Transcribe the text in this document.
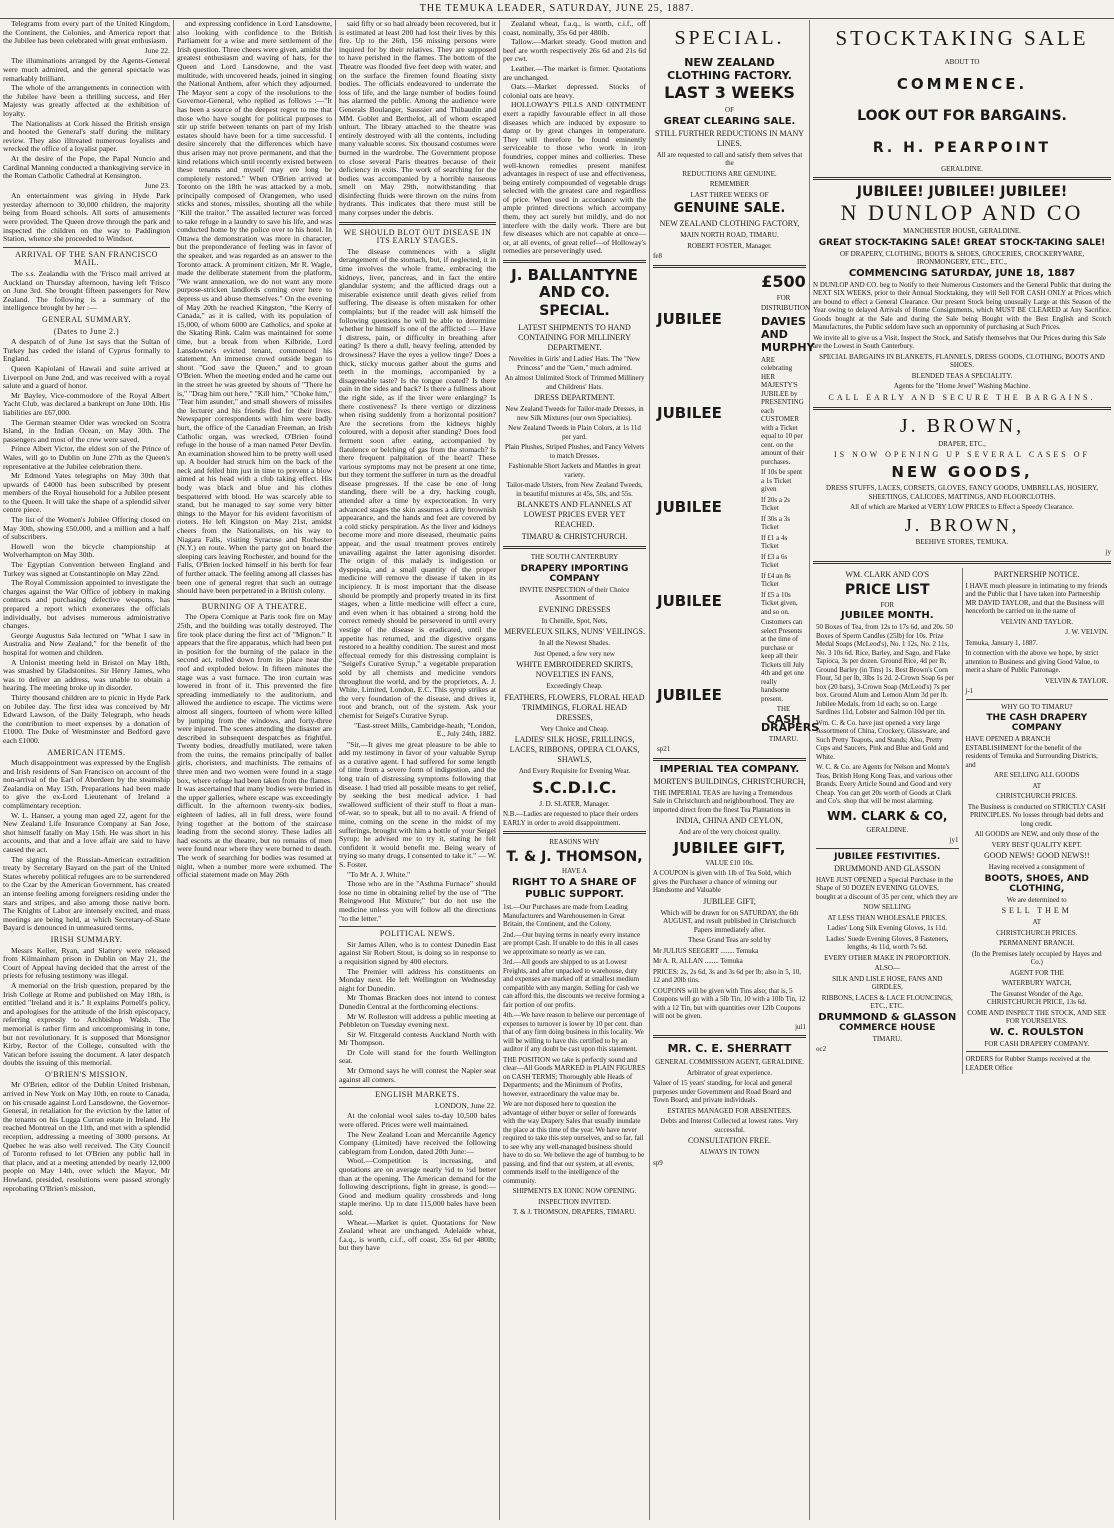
THE TEMUKA LEADER, SATURDAY, JUNE 25, 1887.

Telegrams from every part of the United Kingdom, the Continent, the Colonies, and America report that the Jubilee has been celebrated with great enthusiasm.

June 22.

The illuminations arranged by the Agents-General were much admired, and the general spectacle was remarkably brilliant.

The whole of the arrangements in connection with the Jubilee have been a thrilling success, and Her Majesty was greatly affected at the exhibition of loyalty.

The Nationalists at Cork hissed the British ensign and hooted the General's staff during the military review. They also illtreated numerous loyalists and wrecked the office of a loyalist paper.

At the desire of the Pope, the Papal Nuncio and Cardinal Manning conducted a thanksgiving service in the Roman Catholic Cathedral at Kensington.

June 23.

An entertainment was giving in Hyde Park yesterday afternoon to 30,000 children, the majority being from Board schools. All sorts of amusements were provided. The Queen drove through the park and inspected the children on the way to Paddington Station, whence she proceeded to Windsor.

ARRIVAL OF THE SAN FRANCISCO MAIL.

The s.s. Zealandia with the 'Frisco mail arrived at Auckland on Thursday afternoon, having left 'Frisco on June 3rd. She brought fifteen passengers for New Zealand. The following is a summary of the intelligence brought by her :—

GENERAL SUMMARY.
(Dates to June 2.)

A despatch of of June 1st says that the Sultan of Turkey has ceded the island of Cyprus formally to England.

Queen Kapiolani of Hawaii and suite arrived at Liverpool on June 2nd, and was received with a royal salute and a guard of honor.

Mr Bayley, Vice-commodore of the Royal Albert Yacht Club, was declared a bankrupt on June 10th. His liabilities are £67,000.

The German steamer Oder was wrecked on Scotra Island, in the Indian Ocean, on May 30th. The passengers and most of the crew were saved.

Prince Albert Victor, the eldest son of the Prince of Wales, will go to Dublin on June 27th as the Queen's representative at the Jubilee celebration there.

Mr Edmond Yates telegraphs on May 30th that upwards of £4000 has been subscribed by present members of the Royal household for a Jubilee present to the Queen. It will take the shape of a splendid silver centre piece.

The list of the Women's Jubilee Offering closed on May 30th, showing £50,000, and a million and a half of subscribers.

Howell won the bicycle championship at Wolverhampton on May 30th.

The Egyptian Convention between England and Turkey was signed at Constantinople on May 22nd.

The Royal Commission appointed to investigate the charges against the War Office of jobbery in making contracts and purchasing defective weapons, has prepared a report which exonerates the officials individually, but advises numerous administrative changes.

George Augustus Sala lectured on "What I saw in Australia and New Zealand," for the benefit of the hospital for women and children.

A Unionist meeting held in Bristol on May 18th, was smashed by Gladstonites. Sir Henry James, who was to deliver an address, was unable to obtain a hearing. The meeting broke up in disorder.

Thirty thousand children are to picnic in Hyde Park on Jubilee day. The first idea was conceived by Mr Edward Lawson, of the Daily Telegraph, who heads the contribution to meet expenses by a donation of £1000. The Duke of Westminster and Bedford gave each £1000.

AMERICAN ITEMS.

Much disappointment was expressed by the English and Irish residents of San Francisco on account of the non-arrival of the Earl of Aberdeen by the steamship Zealandia on May 15th. Preparations had been made to give the ex-Lord Lieutenant of Ireland a complimentary reception.

W. L. Hanser, a young man aged 22, agent for the New Zealand Life Insurance Company at San Jose, shot himself fatally on May 15th. He was short in his accounts, and that and a love affair are said to have caused the act.

The signing of the Russian-American extradition treaty by Secretary Bayard on the part of the United States whereby political refugees are to be surrendered to the Czar by the American Government, has created an intense feeling among foreigners residing under the stars and stripes, and also among those native born. The Knights of Labor are intensely excited, and mass meetings are being held, at which Secretary-of-State Bayard is denounced in unmeasured terms.

IRISH SUMMARY.

Messrs Keller, Ryan, and Slattery were released from Kilmainham prison in Dublin on May 21, the Court of Appeal having decided that the arrest of the priests for refusing testimony was illegal.

A memorial on the Irish question, prepared by the Irish College at Rome and published on May 18th, is entitled "Ireland and it is." It explains Pornell's policy, and apologises for the attitude of the Irish episcopacy, referring expressly to Archbishop Walsh. The memorial is rather firm and uncompromising in tone, but not revolutionary. It is supposed that Monsignor Kirby, Rector of the College, consulted with the Vatican before issuing the document. A later despatch doubts the issuing of this memorial.

O'BRIEN'S MISSION.

Mr O'Brien, editor of the Dublin United Irishman, arrived in New York on May 10th, en route to Canada, on his crusade against Lord Lansdowne, the Governor-General, in retaliation for the eviction by the latter of the tenants on his Lugga Curran estate in Ireland. He reached Montreal on the 11th, and met with a splendid reception, addressing a meeting of 3000 persons. At Quebec he was also well received. The City Council of Toronto refused to let O'Brien any public hall in that place, and at a meeting attended by nearly 12,000 people on May 14th, over which the Mayor, Mr Howland, presided, resolutions were passed strongly reprobating O'Brien's mission,

and expressing confidence in Lord Lansdowne, also looking with confidence to the British Parliament for a wise and mere settlement of the Irish question. Three cheers were given, amidst the greatest enthusiasm and waving of hats, for the Queen and Lord Lansdowne, and the vast multitude, with uncovered heads, joined in singing the National Anthem, after which they adjourned. The Mayor sent a copy of the resolutions to the Governor-General, who replied as follows :—"It has been a source of the deepest regret to me that those who have sought for political purposes to stir up strife between tenants on part of my Irish estates should have been for a time successful. I desire sincerely that the differences which have thus arisen may not prove permanent, and that the kind relations which until recently existed between these tenants and myself may ere long be completely restored." When O'Brien arrived at Toronto on the 18th he was attacked by a mob, principally composed of Orangemen, who used sticks and stones, missiles, shouting all the while "Kill the traitor." The assailed lecturer was forced to take refuge in a laundry to save his life, and was conducted home by the police over to his hotel. In Ottawa the demonstration was more in character, but the preponderance of feeling was in favor of the speaker, and was regarded as an answer to the Toronto attack. A prominent citizen, Mr R. Wagle, made the deliberate statement from the platform, "We want annexation, we do not want any more purpose-stricken landlords coming over here to depress us and abuse themselves." On the evening of May 20th he reached Kingston, "the Kerry of Canada," as it is called, with its population of 15,000, of whom 6000 are Catholics, and spoke at the Skating Rink. Calm was maintained for some time, but a break from when Kilbride, Lord Lansdowne's evicted tenant, commenced his statement. An immense crowd outside began to shout "God save the Queen," and to groan O'Brien. When the meeting ended and he came out in the street he was greeted by shouts of "There he is," "Drag him out here," "Kill him," "Choke him," "Tear him asunder," and small showers of missiles the lecturer and his friends fled for their lives. Newspaper correspondents with him were badly hurt, the office of the Canadian Freeman, an Irish Catholic organ, was wrecked, O'Brien found refuge in the house of a man named Peter Devlin. An examination showed him to be pretty well used up. A boulder had struck him on the back of the neck and felled him just in time to prevent a blow aimed at his head with a club taking effect. His body was black and blue and his clothes bespattered with blood. He was scarcely able to stand, but he managed to say some very bitter things to the Mayor for his evident favoritism of rioters. He left Kingston on May 21st, amidst cheers from the Nationalists, on his way to Niagara Falls, visiting Syracuse and Rochester (N.Y.) en route. When the party got on board the sleeping cars leaving Rochester, and bound for the Falls, O'Brien locked himself in his berth for fear of further attack. The feeling among all classes has been one of general regret that such an outrage should have been perpetrated in a British colony.

BURNING OF A THEATRE.

The Opera Comique at Paris took fire on May 25th, and the building was totally destroyed. The fire took place during the first act of "Mignon." It appears that the fire apparatus, which had been put in position for the burning of the palace in the second act, rolled down from its place near the roof and exploded below. In fifteen minutes the stage was a vast furnace. The iron curtain was lowered in front of it. This prevented the fire spreading immediately to the auditorium, and allowed the audience to escape. The victims were almost all singers, fourteen of whom were killed by jumping from the windows, and forty-three were injured. The scenes attending the disaster are described in subsequent despatches as frightful. Twenty bodies, dreadfully mutilated, were taken from the ruins, the remains principally of ballet girls, choristers, and machinists. The remains of three men and two women were found in a stage box, where refuge had been taken from the flames. It was ascertained that many bodies were buried in the upper galleries, where escape was exceedingly difficult. In the afternoon twenty-six bodies, eighteen of ladies, all in full dress, were found lying together at the bottom of the staircase leading from the second storey. These ladies all had escorts at the theatre, but no remains of men were found near where they were burned to death. The work of searching for bodies was resumed at night, when a number more were exhumed. The official statement made on May 26th

said fifty or so had already been recovered, but it is estimated at least 200 had lost their lives by this fire. Up to the 26th, 156 missing persons were inquired for by their relatives. They are supposed to have perished in the flames. The bottom of the Theatre was flooded five feet deep with water, and on the surface the firemen found floating sixty bodies. The officials endeavored to underrate the loss of life, and the large number of bodies found has alarmed the public. Among the audience were Generals Boulanger, Saussier and Thibaudin and MM. Goblet and Berthelot, all of whom escaped unhurt. The library attached to the theatre was entirely destroyed with all the contents, including many valuable scores. Six thousand costumes were burned in the wardrobe. The Government propose to close several Paris theatres because of their deficiency in exits. The work of searching for the bodies was accompanied by a horrible nauseous smell on May 29th, notwithstanding that disinfecting fluids were thrown on the ruins from hydrants. This indicates that there must still be many corpses under the debris.

WE SHOULD BLOT OUT DISEASE IN ITS EARLY STAGES.

The disease commences with a slight derangement of the stomach, but, if neglected, it in time involves the whole frame, embracing the kidneys, liver, pancreas, and in fact the entire glandular system; and the afflicted drags out a miserable existence until death gives relief from suffering. The disease is often mistaken for other complaints; but if the reader will ask himself the following questions he will be able to determine whether he himself is one of the afflicted :— Have I distress, pain, or difficulty in breathing after eating? Is there a dull, heavy feeling, attended by drowsiness? Have the eyes a yellow tinge? Does a thick, sticky mucous gather about the gums and teeth in the mornings, accompanied by a disagreeable taste? Is the tongue coated? Is there pain in the sides and back? Is there a fullness about the right side, as if the liver were enlarging? Is there costiveness? Is there vertigo or dizziness when rising suddenly from a horizontal position? Are the secretions from the kidneys highly coloured, with a deposit after standing? Does food ferment soon after eating, accompanied by flatulence or belching of gas from the stomach? Is there frequent palpitation of the heart? These various symptoms may not be present at one time, but they torment the sufferer in turn as the dreadful disease progresses. If the case be one of long standing, there will be a dry, hacking cough, attended after a time by expectoration. In very advanced stages the skin assumes a dirty brownish appearance, and the hands and feet are covered by a cold sticky perspiration. As the liver and kidneys become more and more diseased, rheumatic pains appear, and the usual treatment proves entirely unavailing against the latter agonising disorder. The origin of this malady is indigestion or dyspepsia, and a small quantity of the proper medicine will remove the disease if taken in its incipiency. It is most important that the disease should be promptly and properly treated in its first stages, when a little medicine will effect a cure, and even when it has obtained a strong hold the correct remedy should be persevered in until every vestige of the disease is eradicated, until the appetite has returned, and the digestive organs restored to a healthy condition. The surest and most effectual remedy for this distressing complaint is "Seigel's Curative Syrup," a vegetable preparation sold by all chemists and medicine vendors throughout the world, and by the proprietors, A. J. White, Limited, London, E.C. This syrup strikes at the very foundation of the disease, and drives it, root and branch, out of the system. Ask your chemist for Seigel's Curative Syrup.

"East-street Mills, Cambridge-heath, "London, E., July 24th, 1882.

"Sir,—It gives me great pleasure to be able to add my testimony in favor of your valuable Syrup as a curative agent. I had suffered for some length of time from a severe form of indigestion, and the long train of distressing symptoms following that disease. I had tried all possible means to get relief, by seeking the best medical advice. I had swallowed sufficient of their stuff to float a man-of-war, so to speak, but all to no avail. A friend of mine, coming on the scene in the midst of my sufferings, brought with him a bottle of your Seigel Syrup; he advised me to try it, stating he felt confident it would benefit me. Being weary of trying so many drugs, I consented to take it." — W. S. Foster.

"To Mr A. J. White."

Those who are in the "Asthma Furnace" should lose no time in obtaining relief by the use of "The Reingwood Hut Mixture;" but do not use the medicine unless you will follow all the directions "to the letter."

POLITICAL NEWS.

Sir James Allen, who is to contest Dunedin East against Sir Robert Stout, is doing so in response to a requisition signed by 400 electors.

The Premier will address his constituents on Monday next. He left Wellington on Wednesday night for Dunedin.

Mr Thomas Bracken does not intend to contest Dunedin Central at the forthcoming elections.

Mr W. Rolleston will address a public meeting at Pebbleton on Tuesday evening next.

Sir W. Fitzgerald contests Auckland North with Mr Thompson.

Dr Cole will stand for the fourth Wellington seat.

Mr Ormond says he will contest the Napier seat against all comers.

ENGLISH MARKETS.

LONDON, June 22.

At the colonial wool sales to-day 10,500 bales were offered. Prices were well maintained.

The New Zealand Loan and Mercantile Agency Company (Limited) have received the following cablegram from London, dated 20th June:—

Wool.—Competition is increasing, and quotations are on average nearly ¼d to ½d better than at the opening. The American demand for the following descriptions, fight in grease, is good:—Good and medium quality crossbreds and long staple merino. Up to date 115,000 bales have been sold.

Wheat.—Market is quiet. Quotations for New Zealand wheat are unchanged. Adelaide wheat, f.a.q., is worth, c.i.f., off coast, 35s 6d per 480lb; but they have

Zealand wheat, f.a.q., is worth, c.i.f., off coast, nominally, 35s 6d per 480lb.

Tallow.—Market steady. Good mutton and beef are worth respectively 26s 6d and 21s 6d per cwt.

Leather.—The market is firmer. Quotations are unchanged.

Oats.—Market depressed. Stocks of colonial oats are heavy.

HOLLOWAY'S PILLS AND OINTMENT exert a rapidly favourable effect in all those diseases which are induced by exposure to damp or by great changes in temperature. They will therefore be found eminently serviceable to those who work in iron foundries, copper mines and collieries. These well-known remedies present manifest advantages in respect of use and effectiveness, being entirely compounded of vegetable drugs selected with the greatest care and regardless of price. When used in accordance with the ample printed directions which accompany them, they act surely but mildly, and do not interfere with the daily work. There are but few diseases which are not capable at once—or, at all events, of great relief—of Holloway's remedies are perseveringly used.

J. BALLANTYNE
AND CO.
SPECIAL.

LATEST SHIPMENTS TO HAND CONTAINING FOR MILLINERY DEPARTMENT.

Novelties in Girls' and Ladies' Hats. The "New Princess" and the "Gem," much admired.

An almost Unlimited Stock of Trimmed Millinery and Childrens' Hats.

DRESS DEPARTMENT.

New Zealand Tweeds for Tailor-made Dresses, in new Silk Mixtures (our own Specialties).

New Zealand Tweeds in Plain Colors, at 1s 11d per yard.

Plain Plushes, Striped Plushes, and Fancy Velvets to match Dresses.

Fashionable Short Jackets and Mantles in great variety.

Tailor-made Ulsters, from New Zealand Tweeds, in beautiful mixtures at 45s, 50s, and 55s.

BLANKETS AND FLANNELS AT LOWEST PRICES EVER YET REACHED.

TIMARU & CHRISTCHURCH.

THE SOUTH CANTERBURY

DRAPERY IMPORTING COMPANY

INVITE INSPECTION of their Choice Assortment of

EVENING DRESSES

In Chenille, Spot, Nets,

MERVELEUX SILKS, NUNS' VEILINGS.

In all the Newest Shades.

Just Opened, a few very new

WHITE EMBROIDERED SKIRTS, NOVELTIES IN FANS,

Exceedingly Cheap.

FEATHERS, FLOWERS, FLORAL HEAD TRIMMINGS, FLORAL HEAD DRESSES,

Very Choice and Cheap.

LADIES' SILK HOSE, FRILLINGS, LACES, RIBBONS, OPERA CLOAKS, SHAWLS,

And Every Requisite for Evening Wear.

S.C.D.I.C.

J. D. SLATER, Manager.

N.B.—Ladies are requested to place their orders EARLY in order to avoid disappointment.

REASONS WHY

T. & J. THOMSON,

HAVE A

RIGHT TO A SHARE OF PUBLIC SUPPORT.

1st.—Our Purchases are made from Leading Manufacturers and Warehousemen in Great Britain, the Continent, and the Colony.

2nd.—Our buying terms in nearly every instance are prompt Cash. If unable to do this in all cases we approximate so nearly as we can.

3rd.—All goods are shipped to us at Lowest Freights, and after unpacked to warehouse, duty and expenses are marked off at smallest medium compatible with any margin. Selling for cash we can afford this, the discounts we receive forming a fair portion of our profits.

4th.—We have reason to believe our percentage of expenses to turnover is lower by 10 per cent. than that of any firm doing business in this locality. We will be willing to have this certified to by an auditor if any doubt be cast upon this statement.

THE POSITION we take is perfectly sound and clear—All Goods MARKED in PLAIN FIGURES on CASH TERMS; Thoroughly able Heads of Departments; and the Minimum of Profits, however, extraordinary the value may be.

We are not disposed here to question the advantage of either buyer or seller of forewards with the way Drapery Sales that usually inundate the place at this time of the year. We have never required to take this step ourselves, and so far, fail to see why any well-managed business should have to do so. We believe the age of humbug to be passing, and find that our system, at all events, commends itself to the intelligence of the community.

SHIPMENTS EX IONIC NOW OPENING.

INSPECTION INVITED.

T. & J. THOMSON, DRAPERS, TIMARU.

SPECIAL.
NEW ZEALAND CLOTHING FACTORY.
LAST 3 WEEKS

OF

GREAT CLEARING SALE.

STILL FURTHER REDUCTIONS IN MANY LINES.

All are requested to call and satisfy them selves that the

REDUCTIONS ARE GENUINE.

REMEMBER

LAST THREE WEEKS OF

GENUINE SALE.

NEW ZEALAND CLOTHING FACTORY,

MAIN NORTH ROAD, TIMARU.

ROBERT FOSTER, Manager.

fe8

JUBILEE
JUBILEE
JUBILEE
JUBILEE
JUBILEE
£500

FOR

DISTRIBUTION

DAVIES AND MURPHY

ARE celebrating HER MAJESTY'S JUBILEE by PRESENTING each CUSTOMER with a Ticket equal to 10 per cent. on the amount of their purchases.

If 10s be spent a 1s Ticket given

If 20s a 2s Ticket

If 30s a 3s Ticket

If £1 a 4s Ticket

If £3 a 6s Ticket

If £4 an 8s Ticket

If £5 a 10s Ticket given, and so on.

Customers can select Presents at the time of purchase or keep all their Tickets till July 4th and get one really handsome present.

THE

CASH DRAPERS

TIMARU.

sp21

IMPERIAL TEA COMPANY.

MORTEN'S BUILDINGS, CHRISTCHURCH,

THE IMPERIAL TEAS are having a Tremendous Sale in Christchurch and neighbourhood. They are imported direct from the finest Tea Plantations in

INDIA, CHINA AND CEYLON,

And are of the very choicest quality.

JUBILEE GIFT,

VALUE £10 10s.

A COUPON is given with 1lb of Tea Sold, which gives the Purchaser a chance of winning our Handsome and Valuable

JUBILEE GIFT,

Which will be drawn for on SATURDAY, the 6th AUGUST, and result published in Christchurch Papers immediately after.

These Grand Teas are sold by

Mr JULIUS SEEGERT ........ Temuka

Mr A. R. ALLAN ........ Temuka

PRICES: 2s, 2s 6d, 3s and 3s 6d per lb; also in 5, 10, 12 and 20lb tins.

COUPONS will be given with Tins also; that is, 5 Coupons will go with a 5lb Tin, 10 with a 10lb Tin, 12 with a 12 Tin, but with quantities over 12lb Coupons will not be given.

jul1

MR. C. E. SHERRATT

GENERAL COMMISSION AGENT, GERALDINE.

Arbitrator of great experience.

Valuer of 15 years' standing, for local and general purposes under Government and Road Board and Town Board, and private individuals.

ESTATES MANAGED FOR ABSENTEES.

Debts and Interest Collected at lowest rates. Very successful.

CONSULTATION FREE.

ALWAYS IN TOWN

sp9

STOCKTAKING SALE

ABOUT TO

COMMENCE.
LOOK OUT FOR BARGAINS.
R. H. PEARPOINT

GERALDINE.

JUBILEE! JUBILEE! JUBILEE!
N DUNLOP AND CO

MANCHESTER HOUSE, GERALDINE.

GREAT STOCK-TAKING SALE! GREAT STOCK-TAKING SALE!

OF DRAPERY, CLOTHING, BOOTS & SHOES, GROCERIES, CROCKERYWARE, IRONMONGERY, ETC., ETC.,

COMMENCING SATURDAY, JUNE 18, 1887

N DUNLOP AND CO. beg to Notify to their Numerous Customers and the General Public that during the NEXT SIX WEEKS, prior to their Annual Stocktaking, they will Sell FOR CASH ONLY at Prices which are bound to effect a General Clearance. Our present Stock being unusually Large at this Season of the Year owing to delayed Arrivals of Home Consignments, which MUST BE CLEARED at Any Sacrifice. Goods bought at the Sale and during the Sale being Bought with the Best English and Scotch Manufactures, the Public seldom have such an opportunity of purchasing at Such Prices.

We invite all to give us a Visit, Inspect the Stock, and Satisfy themselves that Our Prices during this Sale are the Lowest in South Canterbury.

SPECIAL BARGAINS IN BLANKETS, FLANNELS, DRESS GOODS, CLOTHING, BOOTS AND SHOES.

BLENDED TEAS A SPECIALITY.

Agents for the "Home Jewel" Washing Machine.

CALL EARLY AND SECURE THE BARGAINS.

J. BROWN,

DRAPER, ETC.,

IS NOW OPENING UP SEVERAL CASES OF

NEW GOODS,

DRESS STUFFS, LACES, CORSETS, GLOVES, FANCY GOODS, UMBRELLAS, HOSIERY, SHEETINGS, CALICOES, MATTINGS, AND FLOORCLOTHS.

All of which are Marked at VERY LOW PRICES to Effect a Speedy Clearance.

J. BROWN,

BEEHIVE STORES, TEMUKA.

jy

WM. CLARK AND CO'S

PRICE LIST

FOR

JUBILEE MONTH.

50 Boxes of Tea, from 12s to 17s 6d, and 20s. 50 Boxes of Sperm Candles (25lb) for 10s. Prize Medal Soaps (McLeod's), No. 1 12s, No. 2 11s, No. 3 10s 6d. Rice, Barley, and Sago, and Flake Tapioca, 3s per dozen. Ground Rice, 4d per lb, Ground Barley (in Tins) 1s. Best Brown's Corn Flour, 5d per lb, 3lbs 1s 2d. 2-Crown Soap 6s per box (20 bars), 3-Crown Soap (McLeod's) 7s per box. Ground Alum and Lemon Alum 3d per lb. Jubilee Medals, from 1d each; so on. Large Sardines 11d, Lobster and Salmon 10d per tin.

Wm. C. & Co. have just opened a very large Assortment of China, Crockery, Glassware, and Such Pretty Teapots, and Stands; Also, Pretty Cups and Saucers, Pink and Blue and Gold and White.

W. C. & Co. are Agents for Nelson and Monte's Teas, British Hong Kong Teas, and various other Brands. Every Article Sound and Good and very Cheap. You can get 20s worth of Goods at Clark and Co's. shop that will be most alarming.

WM. CLARK & CO,

GERALDINE.

jy1

JUBILEE FESTIVITIES.

DRUMMOND AND GLASSON

HAVE JUST OPENED a Special Purchase in the Shape of 50 DOZEN EVENING GLOVES, bought at a discount of 35 per cent, which they are

NOW SELLING

AT LESS THAN WHOLESALE PRICES.

Ladies' Long Silk Evening Gloves, 1s 11d.

Ladies' Suede Evening Gloves, 8 Fasteners, lengths, 4s 11d, worth 7s 6d.

EVERY OTHER MAKE IN PROPORTION.

ALSO—

SILK AND LISLE HOSE, FANS AND GIRDLES,

RIBBONS, LACES & LACE FLOUNCINGS, ETC., ETC.

DRUMMOND & GLASSON
COMMERCE HOUSE

TIMARU.

oc2

PARTNERSHIP NOTICE.

I HAVE much pleasure in intimating to my friends and the Public that I have taken into Partnership MR DAVID TAYLOR, and that the Business will henceforth be carried on in the name of

VELVIN AND TAYLOR.

J. W. VELVIN.

Temuka, January 1, 1887.

In connection with the above we hope, by strict attention to Business and giving Good Value, to merit a share of Public Patronage.

VELVIN & TAYLOR.

j-1

WHY GO TO TIMARU?

THE CASH DRAPERY COMPANY

HAVE OPENED A BRANCH ESTABLISHMENT for the benefit of the residents of Temuka and Surrounding Districts, and

ARE SELLING ALL GOODS

AT

CHRISTCHURCH PRICES.

The Business is conducted on STRICTLY CASH PRINCIPLES. No losses through bad debts and long credit.

All GOODS are NEW, and only those of the

VERY BEST QUALITY KEPT.

GOOD NEWS! GOOD NEWS!!

Having received a consignment of

BOOTS, SHOES, AND CLOTHING,

We are determined to

SELL THEM

AT

CHRISTCHURCH PRICES.

PERMANENT BRANCH.

(In the Premises lately occupied by Hayes and Co.)

AGENT FOR THE

WATERBURY WATCH,

The Greatest Wonder of the Age, CHRISTCHURCH PRICE, 13s 6d.

COME AND INSPECT THE STOCK, AND SEE FOR YOURSELVES.

W. C. ROULSTON

FOR CASH DRAPERY COMPANY.

ORDERS for Rubber Stamps received at the LEADER Office
